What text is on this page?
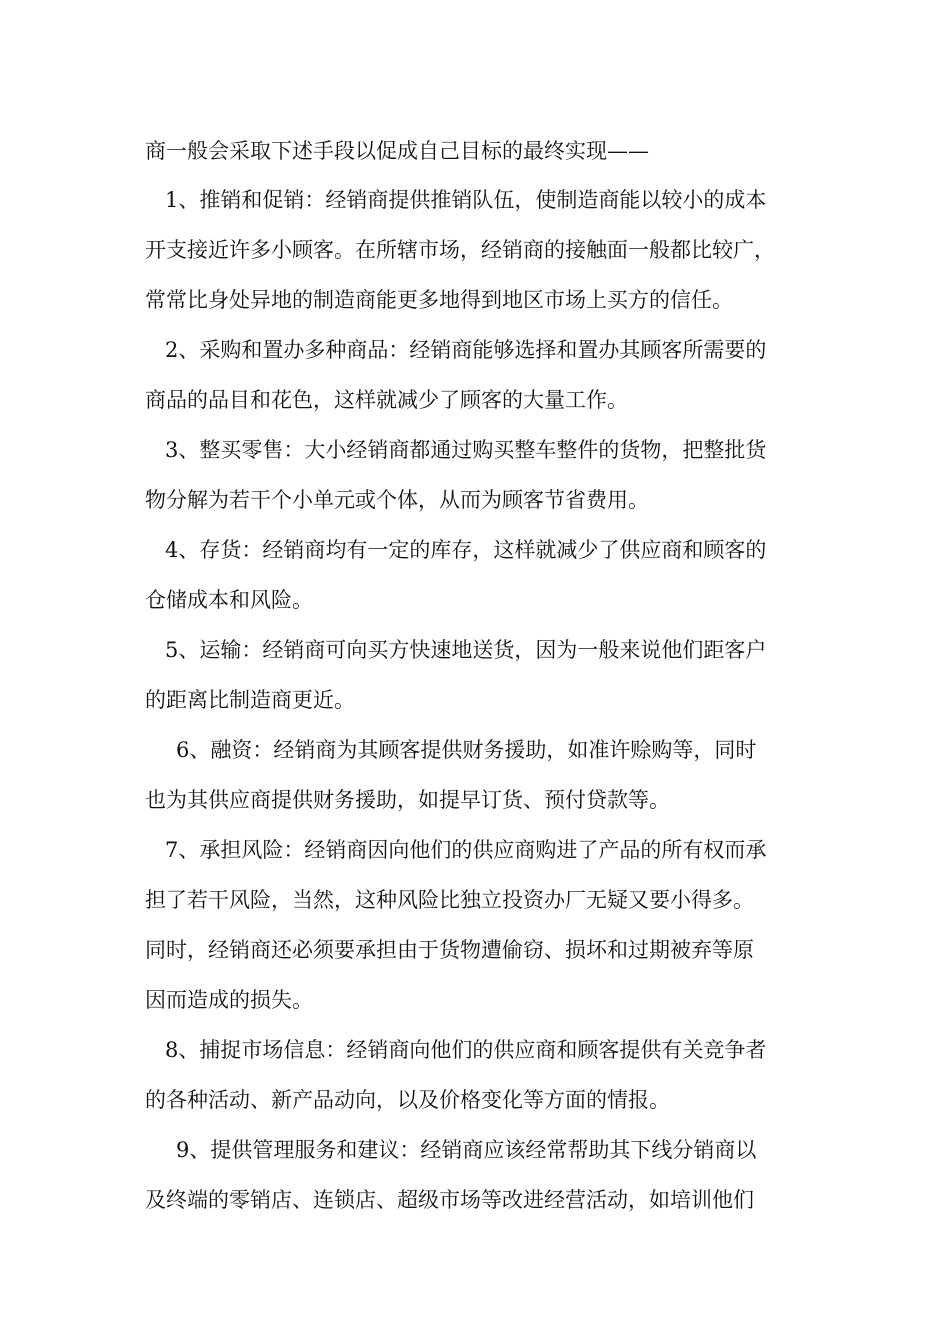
商一般会采取下述手段以促成自己目标的最终实现——
1、推销和促销：经销商提供推销队伍，使制造商能以较小的成本
开支接近许多小顾客。在所辖市场，经销商的接触面一般都比较广，
常常比身处异地的制造商能更多地得到地区市场上买方的信任。
2、采购和置办多种商品：经销商能够选择和置办其顾客所需要的
商品的品目和花色，这样就减少了顾客的大量工作。
3、整买零售：大小经销商都通过购买整车整件的货物，把整批货
物分解为若干个小单元或个体，从而为顾客节省费用。
4、存货：经销商均有一定的库存，这样就减少了供应商和顾客的
仓储成本和风险。
5、运输：经销商可向买方快速地送货，因为一般来说他们距客户
的距离比制造商更近。
6、融资：经销商为其顾客提供财务援助，如准许赊购等，同时
也为其供应商提供财务援助，如提早订货、预付贷款等。
7、承担风险：经销商因向他们的供应商购进了产品的所有权而承
担了若干风险，当然，这种风险比独立投资办厂无疑又要小得多。
同时，经销商还必须要承担由于货物遭偷窃、损坏和过期被弃等原
因而造成的损失。
8、捕捉市场信息：经销商向他们的供应商和顾客提供有关竞争者
的各种活动、新产品动向，以及价格变化等方面的情报。
9、提供管理服务和建议：经销商应该经常帮助其下线分销商以
及终端的零销店、连锁店、超级市场等改进经营活动，如培训他们
